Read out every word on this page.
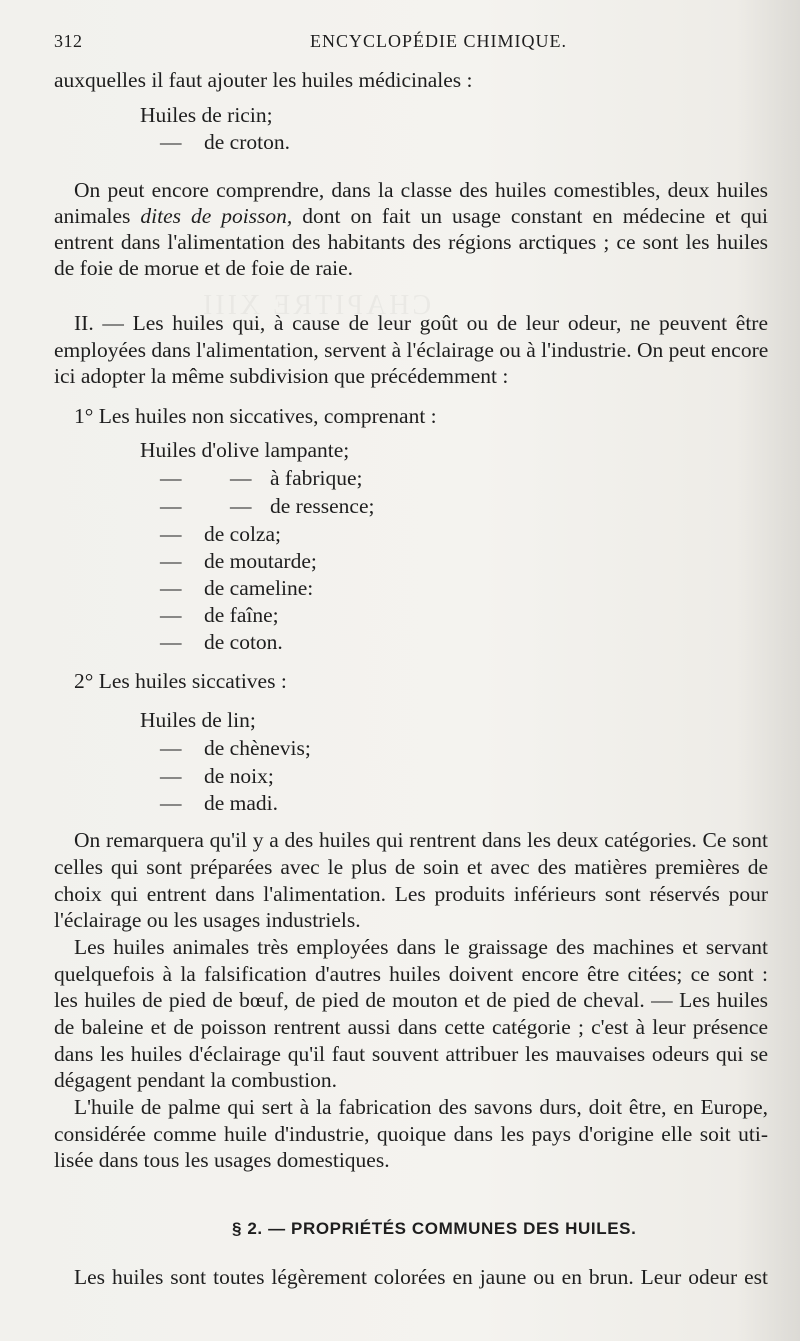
312	ENCYCLOPÉDIE CHIMIQUE.
auxquelles il faut ajouter les huiles médicinales :
Huiles de ricin;
— de croton.
On peut encore comprendre, dans la classe des huiles comestibles, deux huiles
animales dites de poisson, dont on fait un usage constant en médecine et qui
entrent dans l'alimentation des habitants des régions arctiques ; ce sont les huiles
de foie de morue et de foie de raie.
II. — Les huiles qui, à cause de leur goût ou de leur odeur, ne peuvent être
employées dans l'alimentation, servent à l'éclairage ou à l'industrie. On peut encore
ici adopter la même subdivision que précédemment :
1° Les huiles non siccatives, comprenant :
Huiles d'olive lampante;
— — à fabrique;
— — de ressence;
— de colza;
— de moutarde;
— de cameline:
— de faîne;
— de coton.
2° Les huiles siccatives :
Huiles de lin;
— de chènevis;
— de noix;
— de madi.
On remarquera qu'il y a des huiles qui rentrent dans les deux catégories. Ce sont
celles qui sont préparées avec le plus de soin et avec des matières premières de
choix qui entrent dans l'alimentation. Les produits inférieurs sont réservés pour
l'éclairage ou les usages industriels.
Les huiles animales très employées dans le graissage des machines et servant
quelquefois à la falsification d'autres huiles doivent encore être citées; ce sont :
les huiles de pied de bœuf, de pied de mouton et de pied de cheval. — Les huiles
de baleine et de poisson rentrent aussi dans cette catégorie ; c'est à leur présence
dans les huiles d'éclairage qu'il faut souvent attribuer les mauvaises odeurs qui se
dégagent pendant la combustion.
L'huile de palme qui sert à la fabrication des savons durs, doit être, en Europe,
considérée comme huile d'industrie, quoique dans les pays d'origine elle soit uti-
lisée dans tous les usages domestiques.
§ 2. — PROPRIÉTÉS COMMUNES DES HUILES.
Les huiles sont toutes légèrement colorées en jaune ou en brun. Leur odeur est
